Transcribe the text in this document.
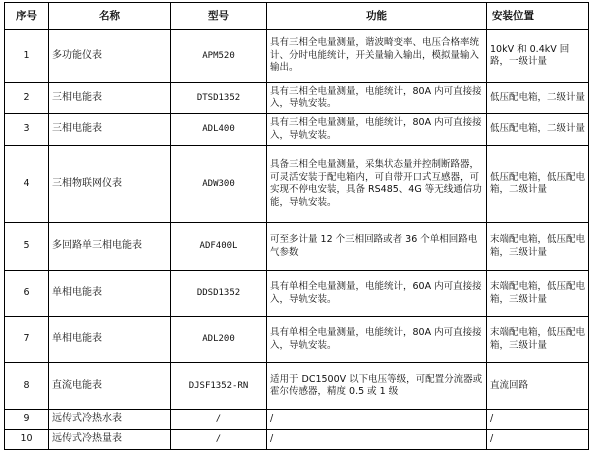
序号	名称	型号	功能	安装位置
1	多功能仪表	APM520	具有三相全电量测量，谐波畸变率、电压合格率统计、分时电能统计，开关量输入输出，模拟量输入输出。	10kV 和 0.4kV 回路，一级计量
2	三相电能表	DTSD1352	具有三相全电量测量，电能统计，80A 内可直接接入，导轨安装。	低压配电箱，二级计量
3	三相电能表	ADL400	具有三相全电量测量，电能统计，80A 内可直接接入，导轨安装。	低压配电箱，二级计量
4	三相物联网仪表	ADW300	具备三相全电量测量，采集状态量并控制断路器，可灵活安装于配电箱内，可自带开口式互感器，可实现不停电安装，具备 RS485、4G 等无线通信功能，导轨安装。	低压配电箱，低压配电箱，二级计量
5	多回路单三相电能表	ADF400L	可至多计量 12 个三相回路或者 36 个单相回路电气参数	末端配电箱，低压配电箱，三级计量
6	单相电能表	DDSD1352	具有单相全电量测量，电能统计，60A 内可直接接入，导轨安装。	末端配电箱，低压配电箱，三级计量
7	单相电能表	ADL200	具有单相全电量测量，电能统计，80A 内可直接接入，导轨安装。	末端配电箱，低压配电箱，三级计量
8	直流电能表	DJSF1352-RN	适用于 DC1500V 以下电压等级，可配置分流器或霍尔传感器，精度 0.5 或 1 级	直流回路
9	远传式冷热水表	/	/	/
10	远传式冷热量表	/	/	/
